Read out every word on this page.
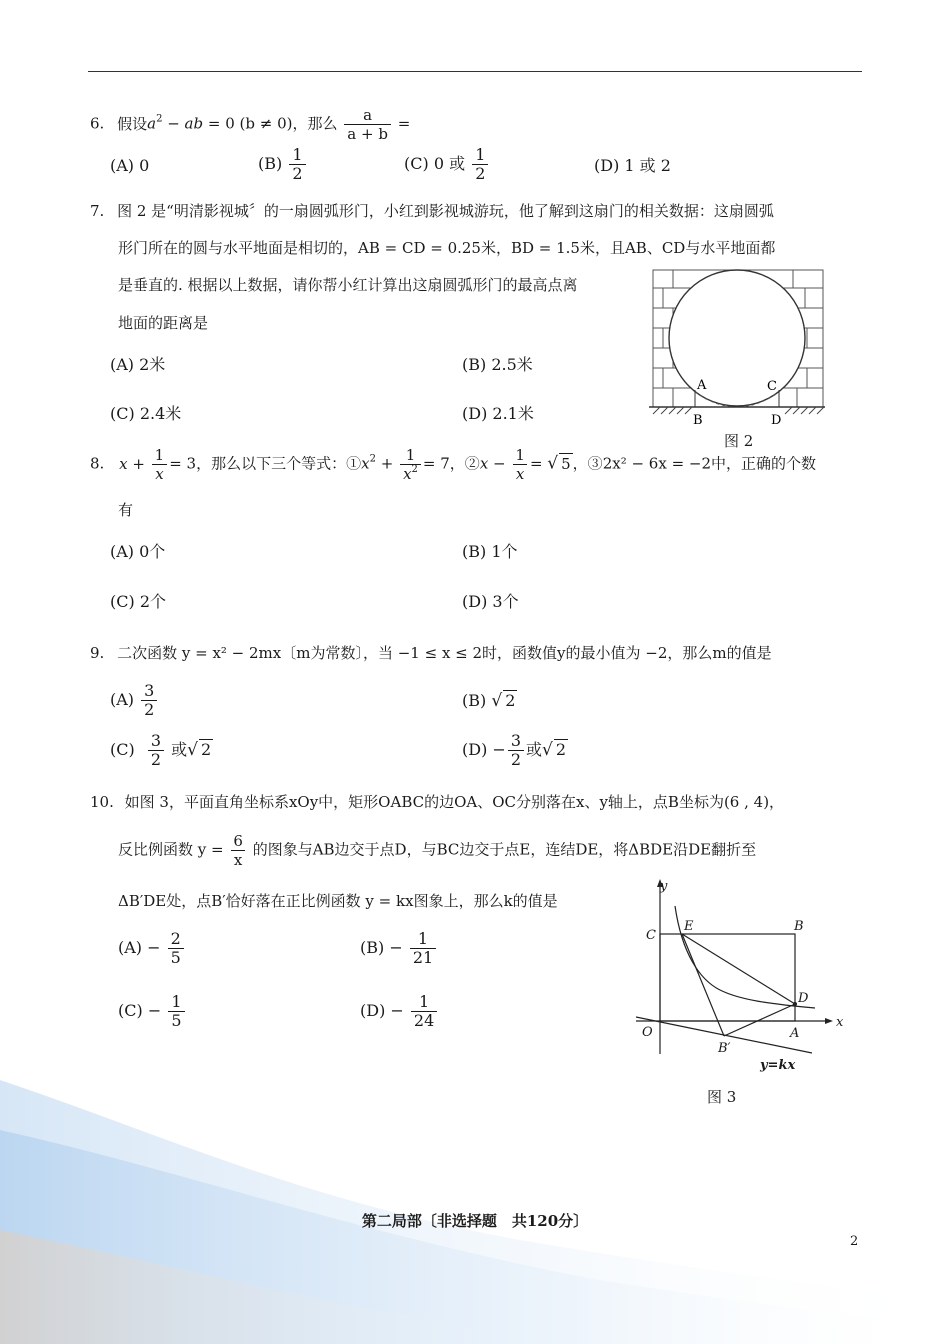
6. 假设$a^2$ − ab = 0 (b ≠ 0)，那么 $\frac{a}{a + b}$ =
(A) 0	$(B) \frac{1}{2}$	(C) 0 或 $\frac{1}{2}$	(D) 1 或 2
7. 图 2 是“明清影视城〞的一扇圆弧形门，小红到影视城游玩，他了解到这扇门的相关数据：这扇圆弧
形门所在的圆与水平地面是相切的，AB = CD = 0.25米，BD = 1.5米，且AB、CD与水平地面都
是垂直的. 根据以上数据，请你帮小红计算出这扇圆弧形门的最高点离
地面的距离是
(A) 2米	(B) 2.5米
(C) 2.4米	(D) 2.1米
A	C
B	D
图 2
8. $x + \frac{1}{x} = 3$，那么以下三个等式：$①x^2 + \frac{1}{x^2} = 7$，②x − $\frac{1}{x}$ = √ 5 ，③2x² − 6x = −2中，正确的个数
有
(A) 0个	(B) 1个
(C) 2个	(D) 3个
9. 二次函数 y = x² − 2mx〔m为常数〕，当 −1 ≤ x ≤ 2时，函数值y的最小值为 −2，那么m的值是
$(A) \frac{3}{2}$	(B) √ 2
$(C) \frac{3}{2}$ 或√ 2	$(D) - \frac{3}{2}$ 或√ 2
10. 如图 3，平面直角坐标系xOy中，矩形OABC的边OA、OC分别落在x、y轴上，点B坐标为(6 , 4)，
反比例函数 $y = \frac{6}{x}$ 的图象与AB边交于点D，与BC边交于点E，连结DE，将ΔBDE沿DE翻折至
ΔB′DE处，点B′恰好落在正比例函数 y = kx图象上，那么k的值是
$(A) - \frac{2}{5}$	$(B) - \frac{1}{21}$
$(C) - \frac{1}{5}$	$(D) - \frac{1}{24}$
y
x
C
E	B
D
O	A
B′
y=kx
图 3
第二局部〔非选择题　共120分〕
2
